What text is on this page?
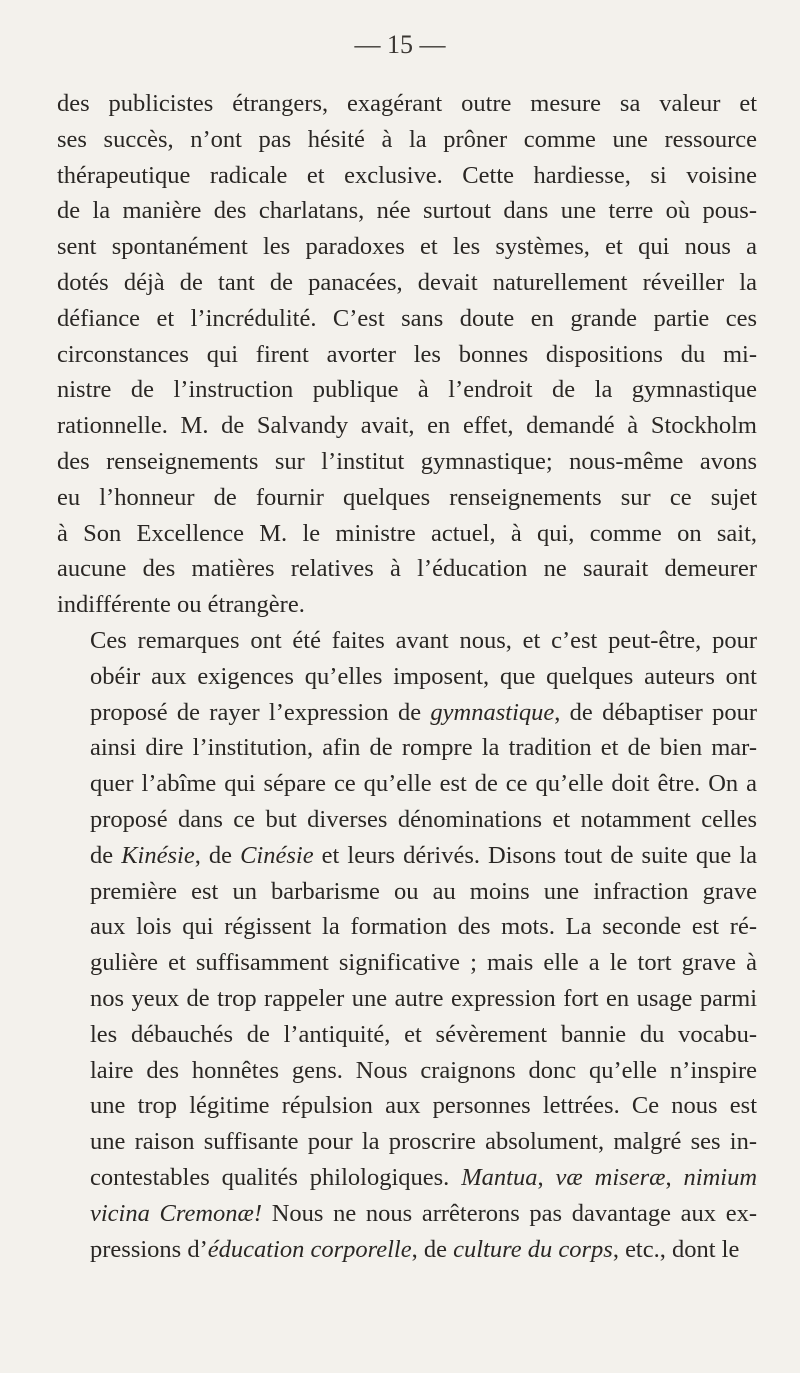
— 15 —
des publicistes étrangers, exagérant outre mesure sa valeur et
ses succès, n’ont pas hésité à la prôner comme une ressource
thérapeutique radicale et exclusive. Cette hardiesse, si voisine
de la manière des charlatans, née surtout dans une terre où pous-
sent spontanément les paradoxes et les systèmes, et qui nous a
dotés déjà de tant de panacées, devait naturellement réveiller la
défiance et l’incrédulité. C’est sans doute en grande partie ces
circonstances qui firent avorter les bonnes dispositions du mi-
nistre de l’instruction publique à l’endroit de la gymnastique
rationnelle. M. de Salvandy avait, en effet, demandé à Stockholm
des renseignements sur l’institut gymnastique; nous-même avons
eu l’honneur de fournir quelques renseignements sur ce sujet
à Son Excellence M. le ministre actuel, à qui, comme on sait,
aucune des matières relatives à l’éducation ne saurait demeurer
indifférente ou étrangère.
Ces remarques ont été faites avant nous, et c’est peut-être, pour
obéir aux exigences qu’elles imposent, que quelques auteurs ont
proposé de rayer l’expression de gymnastique, de débaptiser pour
ainsi dire l’institution, afin de rompre la tradition et de bien mar-
quer l’abîme qui sépare ce qu’elle est de ce qu’elle doit être. On a
proposé dans ce but diverses dénominations et notamment celles
de Kinésie, de Cinésie et leurs dérivés. Disons tout de suite que la
première est un barbarisme ou au moins une infraction grave
aux lois qui régissent la formation des mots. La seconde est ré-
gulière et suffisamment significative ; mais elle a le tort grave à
nos yeux de trop rappeler une autre expression fort en usage parmi
les débauchés de l’antiquité, et sévèrement bannie du vocabu-
laire des honnêtes gens. Nous craignons donc qu’elle n’inspire
une trop légitime répulsion aux personnes lettrées. Ce nous est
une raison suffisante pour la proscrire absolument, malgré ses in-
contestables qualités philologiques. Mantua, væ miseræ, nimium
vicina Cremonæ! Nous ne nous arrêterons pas davantage aux ex-
pressions d’éducation corporelle, de culture du corps, etc., dont le
